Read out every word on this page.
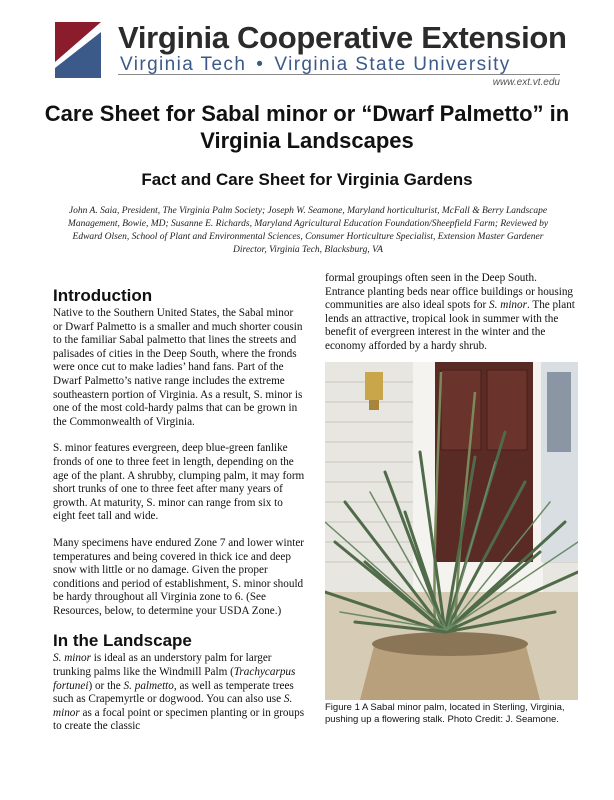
Virginia Cooperative Extension
Virginia Tech • Virginia State University
www.ext.vt.edu
Care Sheet for Sabal minor or “Dwarf Palmetto” in Virginia Landscapes
Fact and Care Sheet for Virginia Gardens
John A. Saia, President, The Virginia Palm Society; Joseph W. Seamone, Maryland horticulturist, McFall & Berry Landscape Management, Bowie, MD; Susanne E. Richards, Maryland Agricultural Education Foundation/Sheepfield Farm; Reviewed by Edward Olsen, School of Plant and Environmental Sciences, Consumer Horticulture Specialist, Extension Master Gardener Director, Virginia Tech, Blacksburg, VA
Introduction

Native to the Southern United States, the Sabal minor or Dwarf Palmetto is a smaller and much shorter cousin to the familiar Sabal palmetto that lines the streets and palisades of cities in the Deep South, where the fronds were once cut to make ladies’ hand fans. Part of the Dwarf Palmetto’s native range includes the extreme southeastern portion of Virginia. As a result, S. minor is one of the most cold-hardy palms that can be grown in the Commonwealth of Virginia.

S. minor features evergreen, deep blue-green fanlike fronds of one to three feet in length, depending on the age of the plant. A shrubby, clumping palm, it may form short trunks of one to three feet after many years of growth. At maturity, S. minor can range from six to eight feet tall and wide.

Many specimens have endured Zone 7 and lower winter temperatures and being covered in thick ice and deep snow with little or no damage. Given the proper conditions and period of establishment, S. minor should be hardy throughout all Virginia zone to 6. (See Resources, below, to determine your USDA Zone.)

In the Landscape

S. minor is ideal as an understory palm for larger trunking palms like the Windmill Palm (Trachycarpus fortunei) or the S. palmetto, as well as temperate trees such as Crapemyrtle or dogwood. You can also use S. minor as a focal point or specimen planting or in groups to create the classic

formal groupings often seen in the Deep South. Entrance planting beds near office buildings or housing communities are also ideal spots for S. minor. The plant lends an attractive, tropical look in summer with the benefit of evergreen interest in the winter and the economy afforded by a hardy shrub.

Figure 1 A Sabal minor palm, located in Sterling, Virginia, pushing up a flowering stalk. Photo Credit: J. Seamone.
